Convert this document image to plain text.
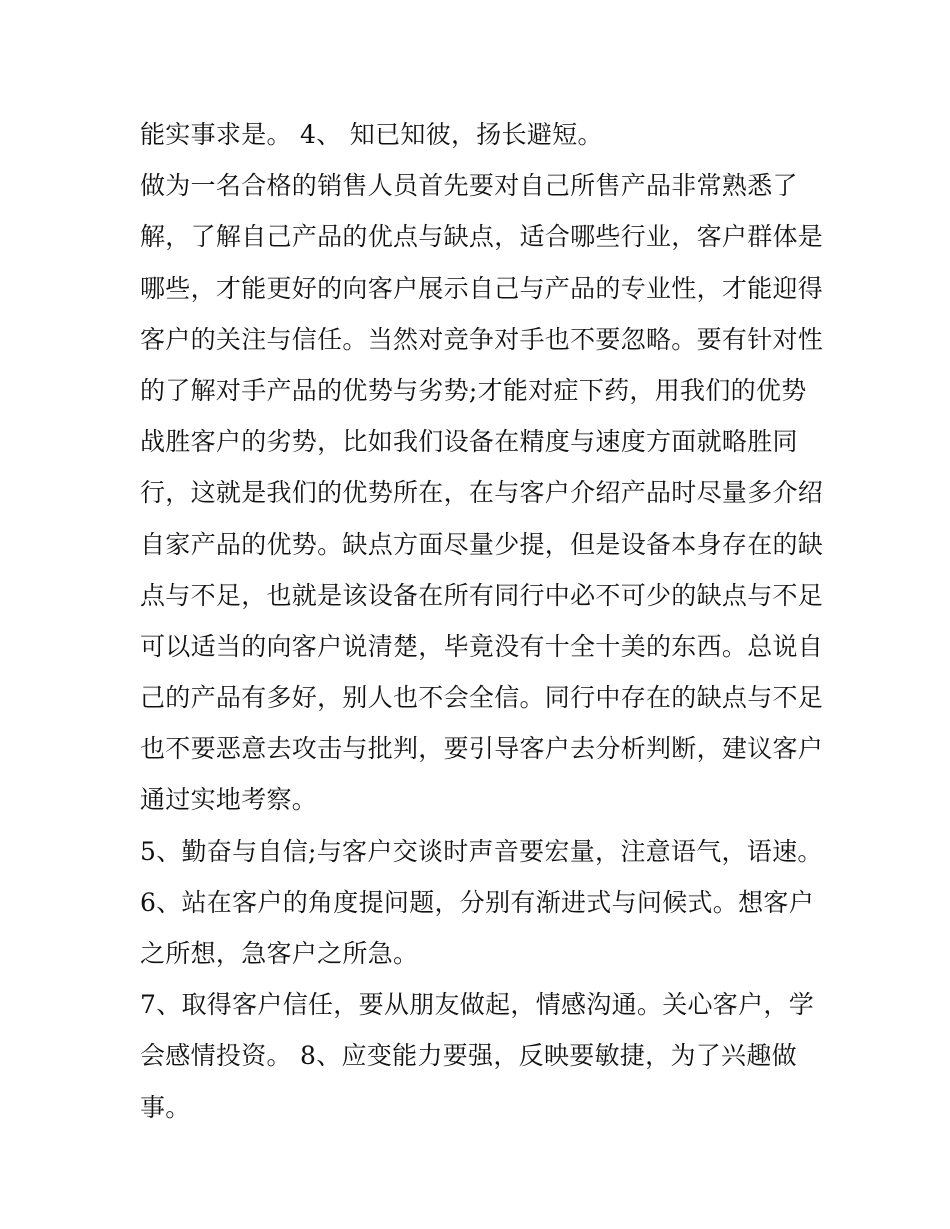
能实事求是。 4、 知已知彼，扬长避短。
做为一名合格的销售人员首先要对自己所售产品非常熟悉了
解，了解自己产品的优点与缺点，适合哪些行业，客户群体是
哪些，才能更好的向客户展示自己与产品的专业性，才能迎得
客户的关注与信任。当然对竞争对手也不要忽略。要有针对性
的了解对手产品的优势与劣势;才能对症下药，用我们的优势
战胜客户的劣势，比如我们设备在精度与速度方面就略胜同
行，这就是我们的优势所在，在与客户介绍产品时尽量多介绍
自家产品的优势。缺点方面尽量少提，但是设备本身存在的缺
点与不足，也就是该设备在所有同行中必不可少的缺点与不足
可以适当的向客户说清楚，毕竟没有十全十美的东西。总说自
己的产品有多好，别人也不会全信。同行中存在的缺点与不足
也不要恶意去攻击与批判，要引导客户去分析判断，建议客户
通过实地考察。
5、勤奋与自信;与客户交谈时声音要宏量，注意语气，语速。
6、站在客户的角度提问题，分别有渐进式与问候式。想客户
之所想，急客户之所急。
7、取得客户信任，要从朋友做起，情感沟通。关心客户，学
会感情投资。 8、应变能力要强，反映要敏捷，为了兴趣做
事。
